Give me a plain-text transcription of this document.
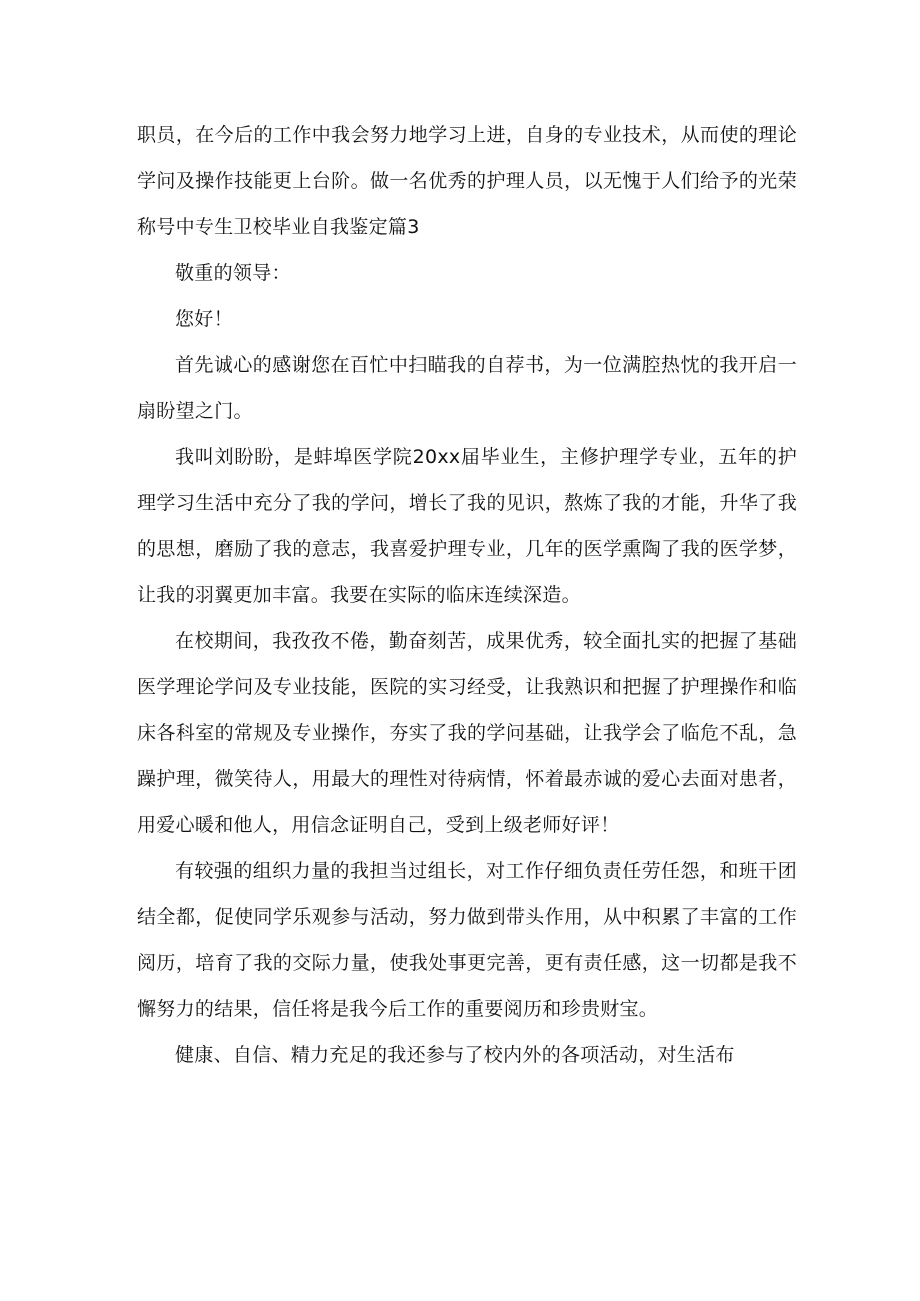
职员，在今后的工作中我会努力地学习上进，自身的专业技术，从而使的理论学问及操作技能更上台阶。做一名优秀的护理人员，以无愧于人们给予的光荣称号中专生卫校毕业自我鉴定篇3

敬重的领导：

您好！

首先诚心的感谢您在百忙中扫瞄我的自荐书，为一位满腔热忱的我开启一扇盼望之门。

我叫刘盼盼，是蚌埠医学院20xx届毕业生，主修护理学专业，五年的护理学习生活中充分了我的学问，增长了我的见识，熬炼了我的才能，升华了我的思想，磨励了我的意志，我喜爱护理专业，几年的医学熏陶了我的医学梦，让我的羽翼更加丰富。我要在实际的临床连续深造。

在校期间，我孜孜不倦，勤奋刻苦，成果优秀，较全面扎实的把握了基础医学理论学问及专业技能，医院的实习经受，让我熟识和把握了护理操作和临床各科室的常规及专业操作，夯实了我的学问基础，让我学会了临危不乱，急躁护理，微笑待人，用最大的理性对待病情，怀着最赤诚的爱心去面对患者，用爱心暖和他人，用信念证明自己，受到上级老师好评！

有较强的组织力量的我担当过组长，对工作仔细负责任劳任怨，和班干团结全都，促使同学乐观参与活动，努力做到带头作用，从中积累了丰富的工作阅历，培育了我的交际力量，使我处事更完善，更有责任感，这一切都是我不懈努力的结果，信任将是我今后工作的重要阅历和珍贵财宝。

健康、自信、精力充足的我还参与了校内外的各项活动，对生活布
